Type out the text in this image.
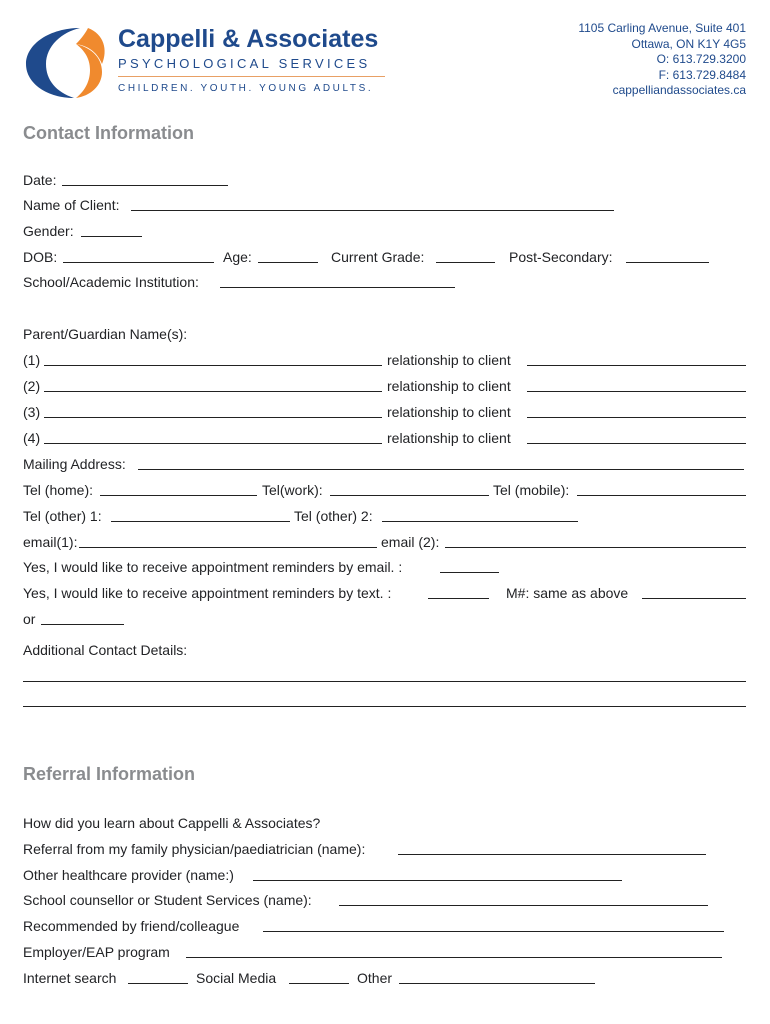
Cappelli & Associates
PSYCHOLOGICAL SERVICES
CHILDREN. YOUTH. YOUNG ADULTS.
1105 Carling Avenue, Suite 401
Ottawa, ON K1Y 4G5
O: 613.729.3200
F: 613.729.8484
cappelliandassociates.ca
Contact Information
Date:
Name of Client:
Gender:
DOB:	Age:	Current Grade:	Post-Secondary:
School/Academic Institution:
Parent/Guardian Name(s):
(1)	relationship to client
(2)	relationship to client
(3)	relationship to client
(4)	relationship to client
Mailing Address:
Tel (home):	Tel(work):	Tel (mobile):
Tel (other) 1:	Tel (other) 2:
email(1):	email (2):
Yes, I would like to receive appointment reminders by email. :
Yes, I would like to receive appointment reminders by text. :	M#: same as above
or
Additional Contact Details:
Referral Information
How did you learn about Cappelli & Associates?
Referral from my family physician/paediatrician (name):
Other healthcare provider (name:)
School counsellor or Student Services (name):
Recommended by friend/colleague
Employer/EAP program
Internet search	Social Media	Other
